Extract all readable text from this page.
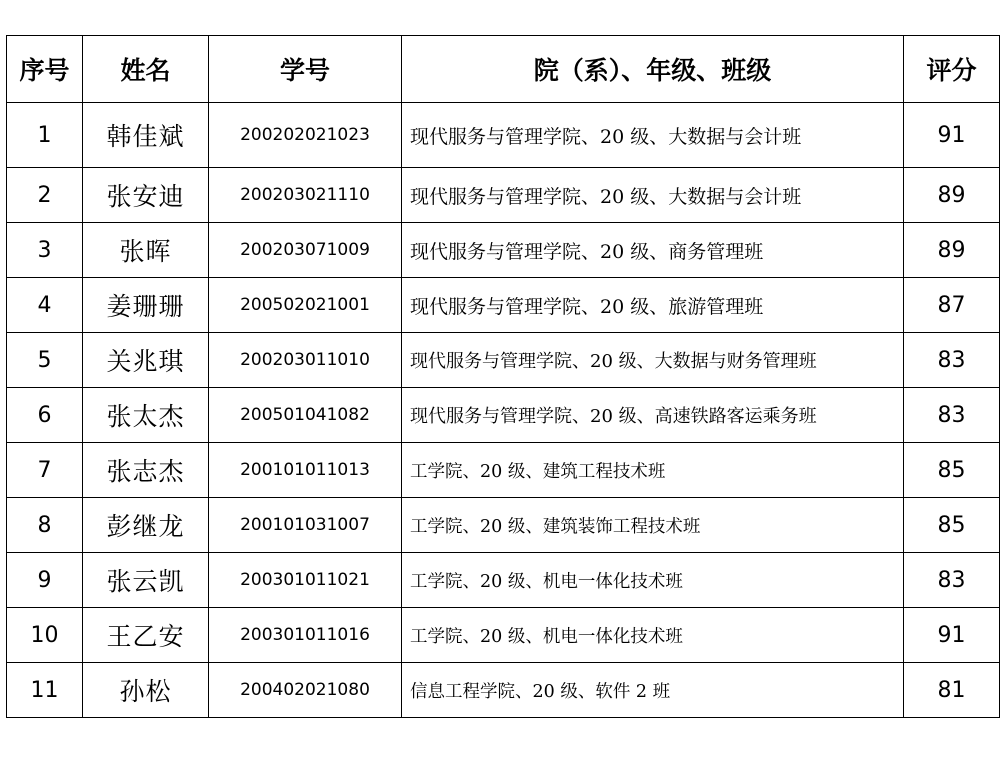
序号	姓名	学号	院（系）、年级、班级	评分
1	韩佳斌	200202021023	现代服务与管理学院、20 级、大数据与会计班	91
2	张安迪	200203021110	现代服务与管理学院、20 级、大数据与会计班	89
3	张晖	200203071009	现代服务与管理学院、20 级、商务管理班	89
4	姜珊珊	200502021001	现代服务与管理学院、20 级、旅游管理班	87
5	关兆琪	200203011010	现代服务与管理学院、20 级、大数据与财务管理班	83
6	张太杰	200501041082	现代服务与管理学院、20 级、高速铁路客运乘务班	83
7	张志杰	200101011013	工学院、20 级、建筑工程技术班	85
8	彭继龙	200101031007	工学院、20 级、建筑装饰工程技术班	85
9	张云凯	200301011021	工学院、20 级、机电一体化技术班	83
10	王乙安	200301011016	工学院、20 级、机电一体化技术班	91
11	孙松	200402021080	信息工程学院、20 级、软件 2 班	81
